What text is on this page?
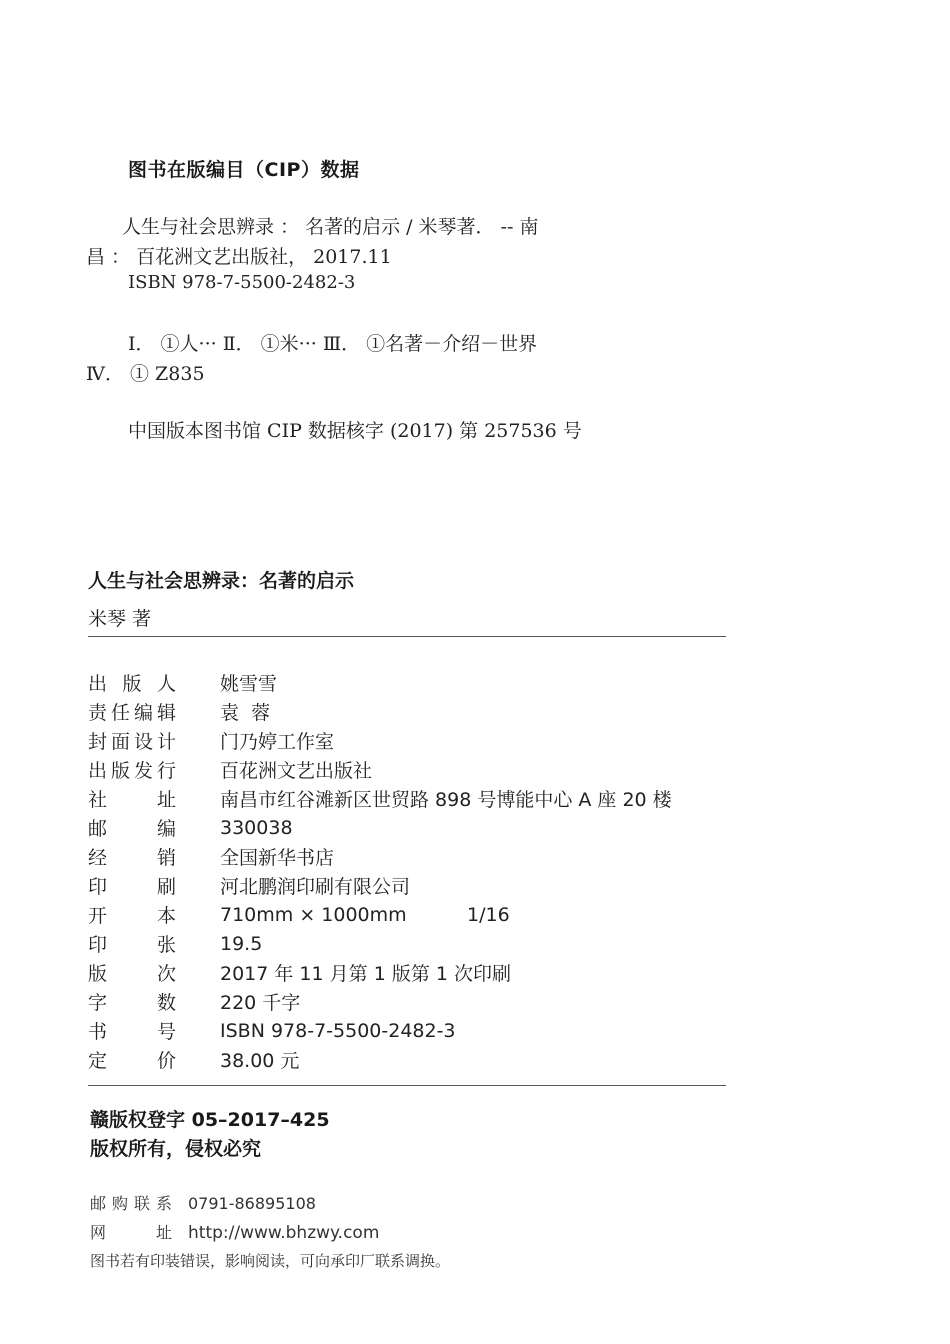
图书在版编目（CIP）数据
人生与社会思辨录 ： 名著的启示 / 米琴著． -- 南
昌 ： 百花洲文艺出版社， 2017.11
ISBN 978-7-5500-2482-3
Ⅰ． ①人··· Ⅱ． ①米··· Ⅲ． ①名著－介绍－世界
Ⅳ． ① Z835
中国版本图书馆 CIP 数据核字 (2017) 第 257536 号
人生与社会思辨录：名著的启示
米琴 著
出版人 姚雪雪
责任编辑 袁  蓉
封面设计 门乃婷工作室
出版发行 百花洲文艺出版社
社址 南昌市红谷滩新区世贸路 898 号博能中心 A 座 20 楼
邮编 330038
经销 全国新华书店
印刷 河北鹏润印刷有限公司
开本 710mm × 1000mm          1/16
印张 19.5
版次 2017 年 11 月第 1 版第 1 次印刷
字数 220 千字
书号 ISBN 978-7-5500-2482-3
定价 38.00 元
赣版权登字 05–2017–425
版权所有，侵权必究
邮购联系 0791-86895108
网址 http://www.bhzwy.com
图书若有印装错误，影响阅读，可向承印厂联系调换。
